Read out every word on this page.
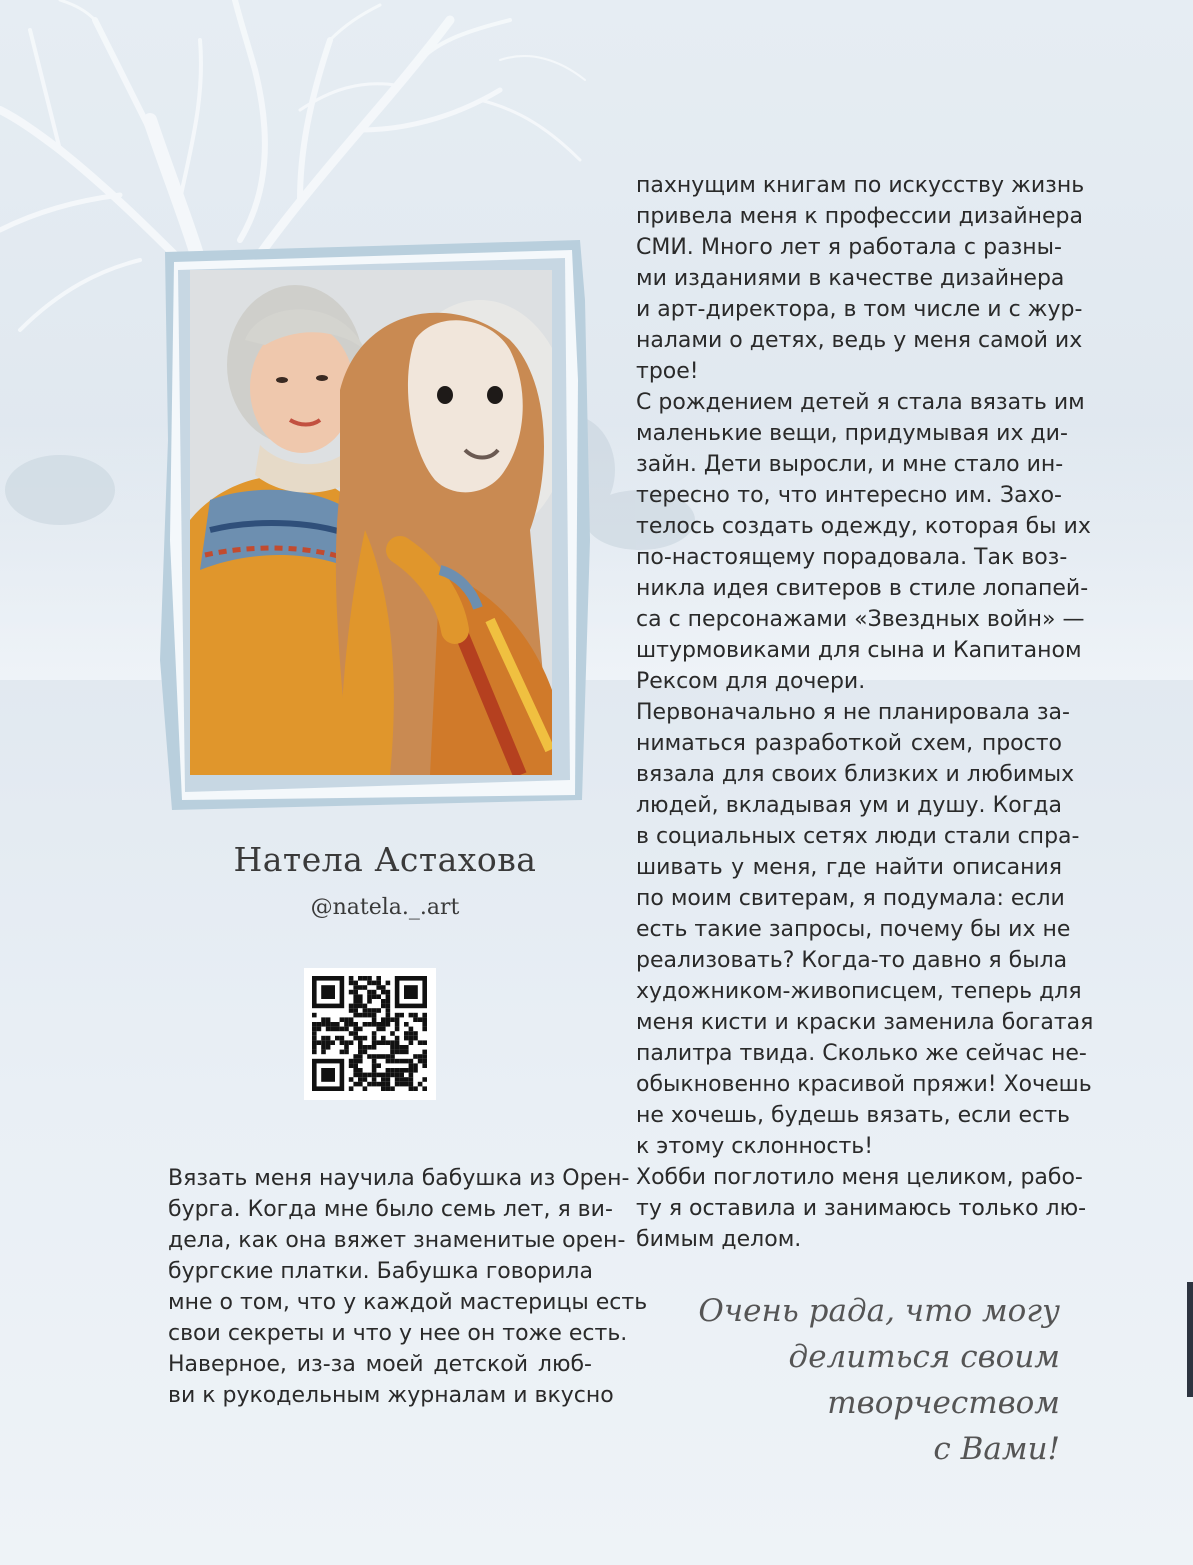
Натела Астахова
@natela._.art
Вязать меня научила бабушка из Орен-
бурга. Когда мне было семь лет, я ви-
дела, как она вяжет знаменитые орен-
бургские платки. Бабушка говорила
мне о том, что у каждой мастерицы есть
свои секреты и что у нее он тоже есть.
Наверное, из-за моей детской люб-
ви к рукодельным журналам и вкусно
пахнущим книгам по искусству жизнь
привела меня к профессии дизайнера
СМИ. Много лет я работала с разны-
ми изданиями в качестве дизайнера
и арт-директора, в том числе и с жур-
налами о детях, ведь у меня самой их
трое!
С рождением детей я стала вязать им
маленькие вещи, придумывая их ди-
зайн. Дети выросли, и мне стало ин-
тересно то, что интересно им. Захо-
телось создать одежду, которая бы их
по-настоящему порадовала. Так воз-
никла идея свитеров в стиле лопапей-
са с персонажами «Звездных войн» —
штурмовиками для сына и Капитаном
Рексом для дочери.
Первоначально я не планировала за-
ниматься разработкой схем, просто
вязала для своих близких и любимых
людей, вкладывая ум и душу. Когда
в социальных сетях люди стали спра-
шивать у меня, где найти описания
по моим свитерам, я подумала: если
есть такие запросы, почему бы их не
реализовать? Когда-то давно я была
художником-живописцем, теперь для
меня кисти и краски заменила богатая
палитра твида. Сколько же сейчас не-
обыкновенно красивой пряжи! Хочешь
не хочешь, будешь вязать, если есть
к этому склонность!
Хобби поглотило меня целиком, рабо-
ту я оставила и занимаюсь только лю-
бимым делом.
Очень рада, что могу
делиться своим творчеством
с Вами!
